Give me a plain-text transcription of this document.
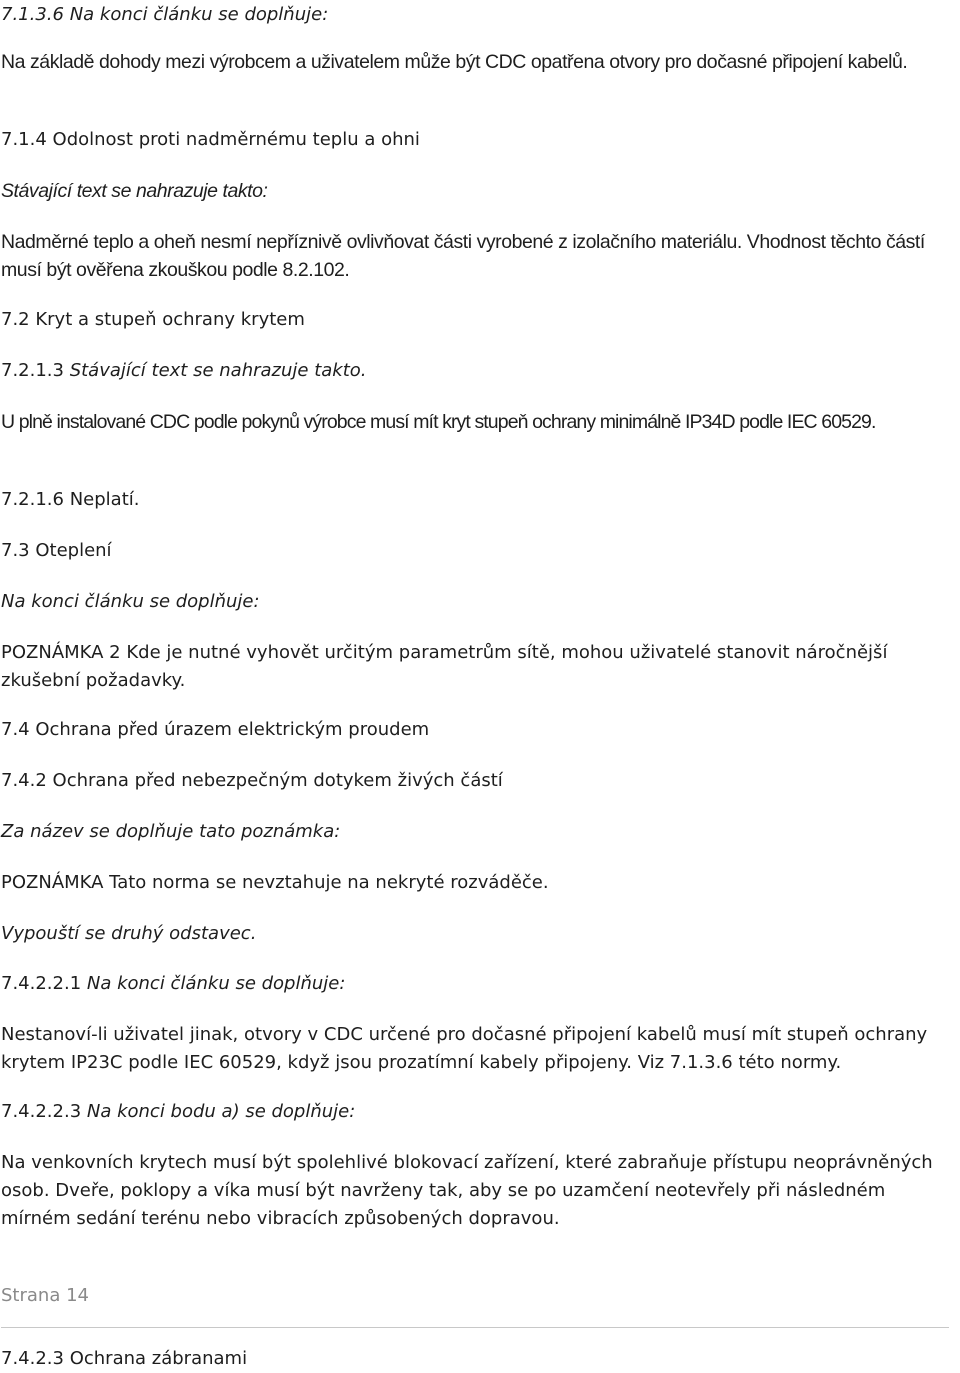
7.1.3.6 Na konci článku se doplňuje:

Na základě dohody mezi výrobcem a uživatelem může být CDC opatřena otvory pro dočasné připojení kabelů.

7.1.4 Odolnost proti nadměrnému teplu a ohni
Stávající text se nahrazuje takto:

Nadměrné teplo a oheň nesmí nepříznivě ovlivňovat části vyrobené z izolačního materiálu. Vhodnost těchto částí musí být ověřena zkouškou podle 8.2.102.

7.2 Kryt a stupeň ochrany krytem
7.2.1.3 Stávající text se nahrazuje takto.

U plně instalované CDC podle pokynů výrobce musí mít kryt stupeň ochrany minimálně IP34D podle IEC 60529.

7.2.1.6 Neplatí.
7.3 Oteplení
Na konci článku se doplňuje:

POZNÁMKA 2 Kde je nutné vyhovět určitým parametrům sítě, mohou uživatelé stanovit náročnější zkušební požadavky.

7.4 Ochrana před úrazem elektrickým proudem
7.4.2 Ochrana před nebezpečným dotykem živých částí
Za název se doplňuje tato poznámka:
POZNÁMKA Tato norma se nevztahuje na nekryté rozváděče.
Vypouští se druhý odstavec.
7.4.2.2.1 Na konci článku se doplňuje:

Nestanoví-li uživatel jinak, otvory v CDC určené pro dočasné připojení kabelů musí mít stupeň ochrany krytem IP23C podle IEC 60529, když jsou prozatímní kabely připojeny. Viz 7.1.3.6 této normy.

7.4.2.2.3 Na konci bodu a) se doplňuje:

Na venkovních krytech musí být spolehlivé blokovací zařízení, které zabraňuje přístupu neoprávněných osob. Dveře, poklopy a víka musí být navrženy tak, aby se po uzamčení neotevřely při následném mírném sedání terénu nebo vibracích způsobených dopravou.

Strana 14
7.4.2.3 Ochrana zábranami
